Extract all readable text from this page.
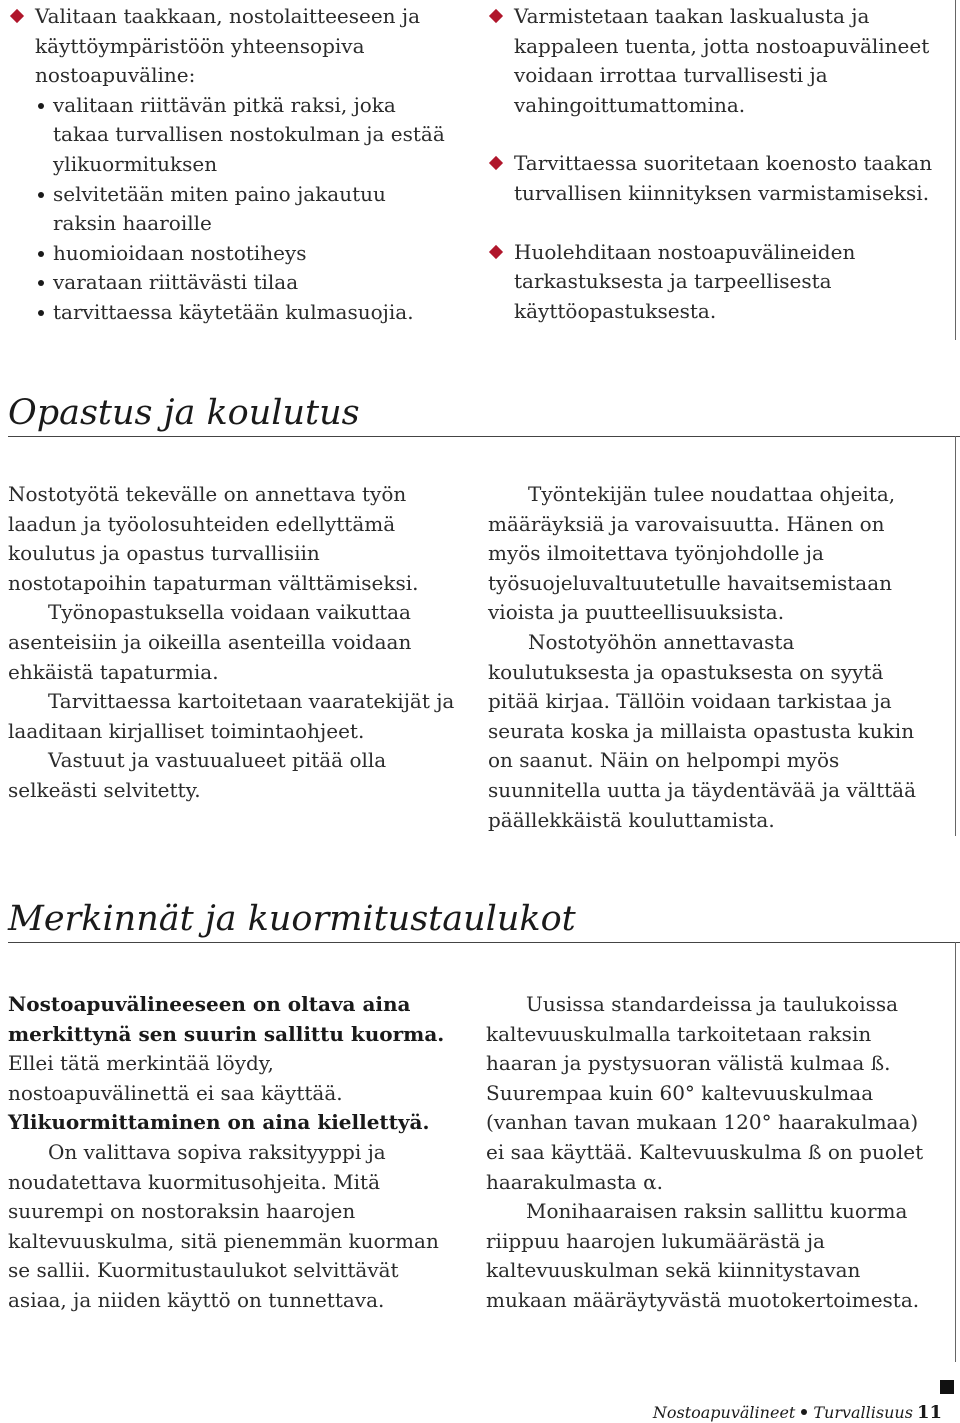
Valitaan taakkaan, nostolaitteeseen ja käyttöympäristöön yhteensopiva nostoapuväline:

valitaan riittävän pitkä raksi, joka takaa turvallisen nostokulman ja estää ylikuormituksen
selvitetään miten paino jakautuu raksin haaroille
huomioidaan nostotiheys
varataan riittävästi tilaa
tarvittaessa käytetään kulmasuojia.

Varmistetaan taakan laskualusta ja kappaleen tuenta, jotta nostoapuvälineet voidaan irrottaa turvallisesti ja vahingoittumattomina.

Tarvittaessa suoritetaan koenosto taakan turvallisen kiinnityksen varmistamiseksi.

Huolehditaan nostoapuvälineiden tarkastuksesta ja tarpeellisesta käyttöopastuksesta.

Opastus ja koulutus

Nostotyötä tekevälle on annettava työn laadun ja työolosuhteiden edellyttämä koulutus ja opastus turvallisiin nostotapoihin tapaturman välttämiseksi.

Työnopastuksella voidaan vaikuttaa asenteisiin ja oikeilla asenteilla voidaan ehkäistä tapaturmia.

Tarvittaessa kartoitetaan vaaratekijät ja laaditaan kirjalliset toimintaohjeet.

Vastuut ja vastuualueet pitää olla selkeästi selvitetty.

Työntekijän tulee noudattaa ohjeita, määräyksiä ja varovaisuutta. Hänen on myös ilmoitettava työnjohdolle ja työsuojeluvaltuutetulle havaitsemistaan vioista ja puutteellisuuksista.

Nostotyöhön annettavasta koulutuksesta ja opastuksesta on syytä pitää kirjaa. Tällöin voidaan tarkistaa ja seurata koska ja millaista opastusta kukin on saanut. Näin on helpompi myös suunnitella uutta ja täydentävää ja välttää päällekkäistä kouluttamista.

Merkinnät ja kuormitustaulukot

Nostoapuvälineeseen on oltava aina merkittynä sen suurin sallittu kuorma. Ellei tätä merkintää löydy, nostoapuvälinettä ei saa käyttää. Ylikuormittaminen on aina kiellettyä.

On valittava sopiva raksityyppi ja noudatettava kuormitusohjeita. Mitä suurempi on nostoraksin haarojen kaltevuuskulma, sitä pienemmän kuorman se sallii. Kuormitustaulukot selvittävät asiaa, ja niiden käyttö on tunnettava.

Uusissa standardeissa ja taulukoissa kaltevuuskulmalla tarkoitetaan raksin haaran ja pystysuoran välistä kulmaa ß. Suurempaa kuin 60° kaltevuuskulmaa (vanhan tavan mukaan 120° haarakulmaa) ei saa käyttää. Kaltevuuskulma ß on puolet haarakulmasta α.

Monihaaraisen raksin sallittu kuorma riippuu haarojen lukumäärästä ja kaltevuuskulman sekä kiinnitystavan mukaan määräytyvästä muotokertoimesta.

Nostoapuvälineet Turvallisuus 11
